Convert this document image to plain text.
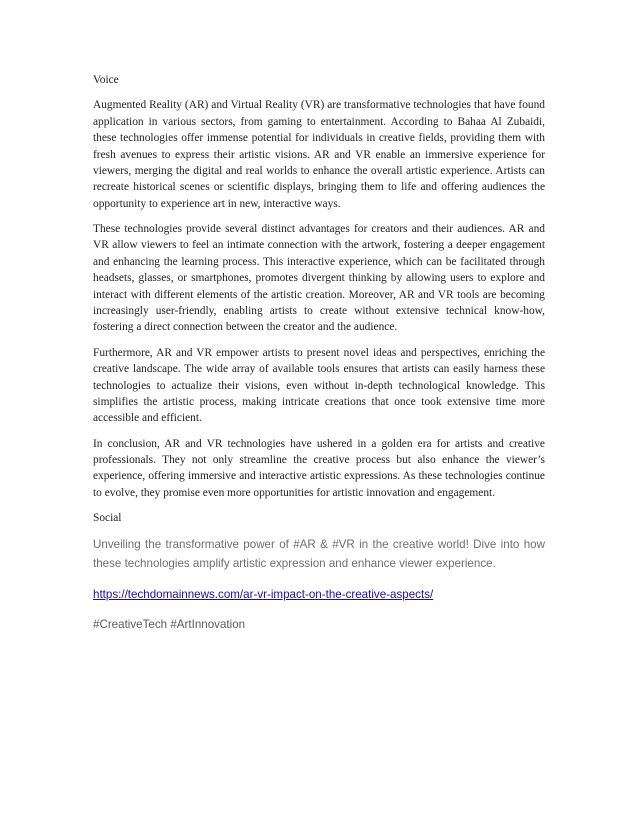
Voice

Augmented Reality (AR) and Virtual Reality (VR) are transformative technologies that have found application in various sectors, from gaming to entertainment. According to Bahaa Al Zubaidi, these technologies offer immense potential for individuals in creative fields, providing them with fresh avenues to express their artistic visions. AR and VR enable an immersive experience for viewers, merging the digital and real worlds to enhance the overall artistic experience. Artists can recreate historical scenes or scientific displays, bringing them to life and offering audiences the opportunity to experience art in new, interactive ways.

These technologies provide several distinct advantages for creators and their audiences. AR and VR allow viewers to feel an intimate connection with the artwork, fostering a deeper engagement and enhancing the learning process. This interactive experience, which can be facilitated through headsets, glasses, or smartphones, promotes divergent thinking by allowing users to explore and interact with different elements of the artistic creation. Moreover, AR and VR tools are becoming increasingly user-friendly, enabling artists to create without extensive technical know-how, fostering a direct connection between the creator and the audience.

Furthermore, AR and VR empower artists to present novel ideas and perspectives, enriching the creative landscape. The wide array of available tools ensures that artists can easily harness these technologies to actualize their visions, even without in-depth technological knowledge. This simplifies the artistic process, making intricate creations that once took extensive time more accessible and efficient.

In conclusion, AR and VR technologies have ushered in a golden era for artists and creative professionals. They not only streamline the creative process but also enhance the viewer’s experience, offering immersive and interactive artistic expressions. As these technologies continue to evolve, they promise even more opportunities for artistic innovation and engagement.

Social

Unveiling the transformative power of #AR & #VR in the creative world! Dive into how these technologies amplify artistic expression and enhance viewer experience.

https://techdomainnews.com/ar-vr-impact-on-the-creative-aspects/

#CreativeTech #ArtInnovation
